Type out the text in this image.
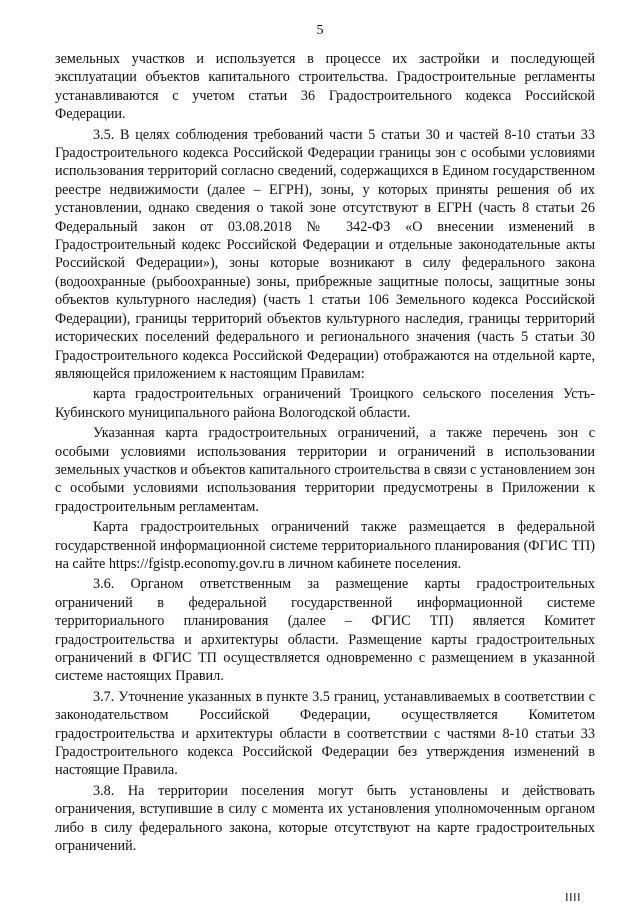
5

земельных участков и используется в процессе их застройки и последующей эксплуатации объектов капитального строительства. Градостроительные регламенты устанавливаются с учетом статьи 36 Градостроительного кодекса Российской Федерации.

3.5. В целях соблюдения требований части 5 статьи 30 и частей 8-10 статьи 33 Градостроительного кодекса Российской Федерации границы зон с особыми условиями использования территорий согласно сведений, содержащихся в Едином государственном реестре недвижимости (далее – ЕГРН), зоны, у которых приняты решения об их установлении, однако сведения о такой зоне отсутствуют в ЕГРН (часть 8 статьи 26 Федеральный закон от 03.08.2018 № 342-ФЗ «О внесении изменений в Градостроительный кодекс Российской Федерации и отдельные законодательные акты Российской Федерации»), зоны которые возникают в силу федерального закона (водоохранные (рыбоохранные) зоны, прибрежные защитные полосы, защитные зоны объектов культурного наследия) (часть 1 статьи 106 Земельного кодекса Российской Федерации), границы территорий объектов культурного наследия, границы территорий исторических поселений федерального и регионального значения (часть 5 статьи 30 Градостроительного кодекса Российской Федерации) отображаются на отдельной карте, являющейся приложением к настоящим Правилам:

карта градостроительных ограничений Троицкого сельского поселения Усть-Кубинского муниципального района Вологодской области.

Указанная карта градостроительных ограничений, а также перечень зон с особыми условиями использования территории и ограничений в использовании земельных участков и объектов капитального строительства в связи с установлением зон с особыми условиями использования территории предусмотрены в Приложении к градостроительным регламентам.

Карта градостроительных ограничений также размещается в федеральной государственной информационной системе территориального планирования (ФГИС ТП) на сайте https://fgistp.economy.gov.ru в личном кабинете поселения.

3.6. Органом ответственным за размещение карты градостроительных ограничений в федеральной государственной информационной системе территориального планирования (далее – ФГИС ТП) является Комитет градостроительства и архитектуры области. Размещение карты градостроительных ограничений в ФГИС ТП осуществляется одновременно с размещением в указанной системе настоящих Правил.

3.7. Уточнение указанных в пункте 3.5 границ, устанавливаемых в соответствии с законодательством Российской Федерации, осуществляется Комитетом градостроительства и архитектуры области в соответствии с частями 8-10 статьи 33 Градостроительного кодекса Российской Федерации без утверждения изменений в настоящие Правила.

3.8. На территории поселения могут быть установлены и действовать ограничения, вступившие в силу с момента их установления уполномоченным органом либо в силу федерального закона, которые отсутствуют на карте градостроительных ограничений.
